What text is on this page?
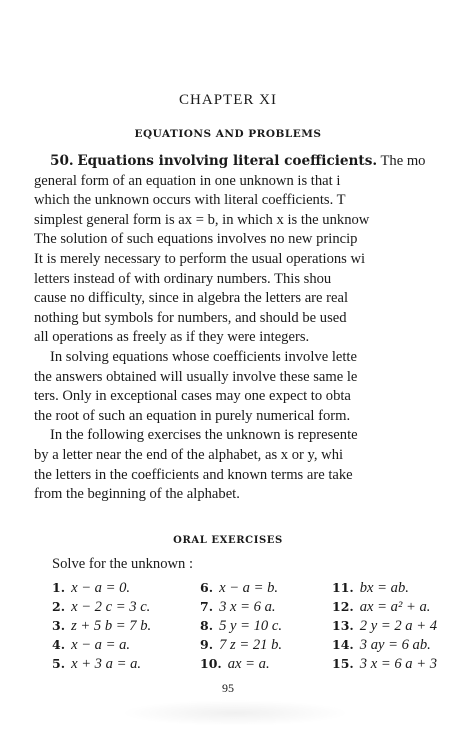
CHAPTER XI
EQUATIONS AND PROBLEMS
50. Equations involving literal coefficients. The mo
general form of an equation in one unknown is that i
which the unknown occurs with literal coefficients. T
simplest general form is ax = b, in which x is the unknow
The solution of such equations involves no new princip
It is merely necessary to perform the usual operations wi
letters instead of with ordinary numbers. This shou
cause no difficulty, since in algebra the letters are real
nothing but symbols for numbers, and should be used
all operations as freely as if they were integers.
In solving equations whose coefficients involve lette
the answers obtained will usually involve these same le
ters. Only in exceptional cases may one expect to obta
the root of such an equation in purely numerical form.
In the following exercises the unknown is represente
by a letter near the end of the alphabet, as x or y, whi
the letters in the coefficients and known terms are take
from the beginning of the alphabet.
ORAL EXERCISES
Solve for the unknown :
1. x − a = 0.	6. x − a = b.	11. bx = ab.
2. x − 2 c = 3 c.	7. 3 x = 6 a.	12. ax = a² + a.
3. z + 5 b = 7 b.	8. 5 y = 10 c.	13. 2 y = 2 a + 4
4. x − a = a.	9. 7 z = 21 b.	14. 3 ay = 6 ab.
5. x + 3 a = a.	10. ax = a.	15. 3 x = 6 a + 3
95
